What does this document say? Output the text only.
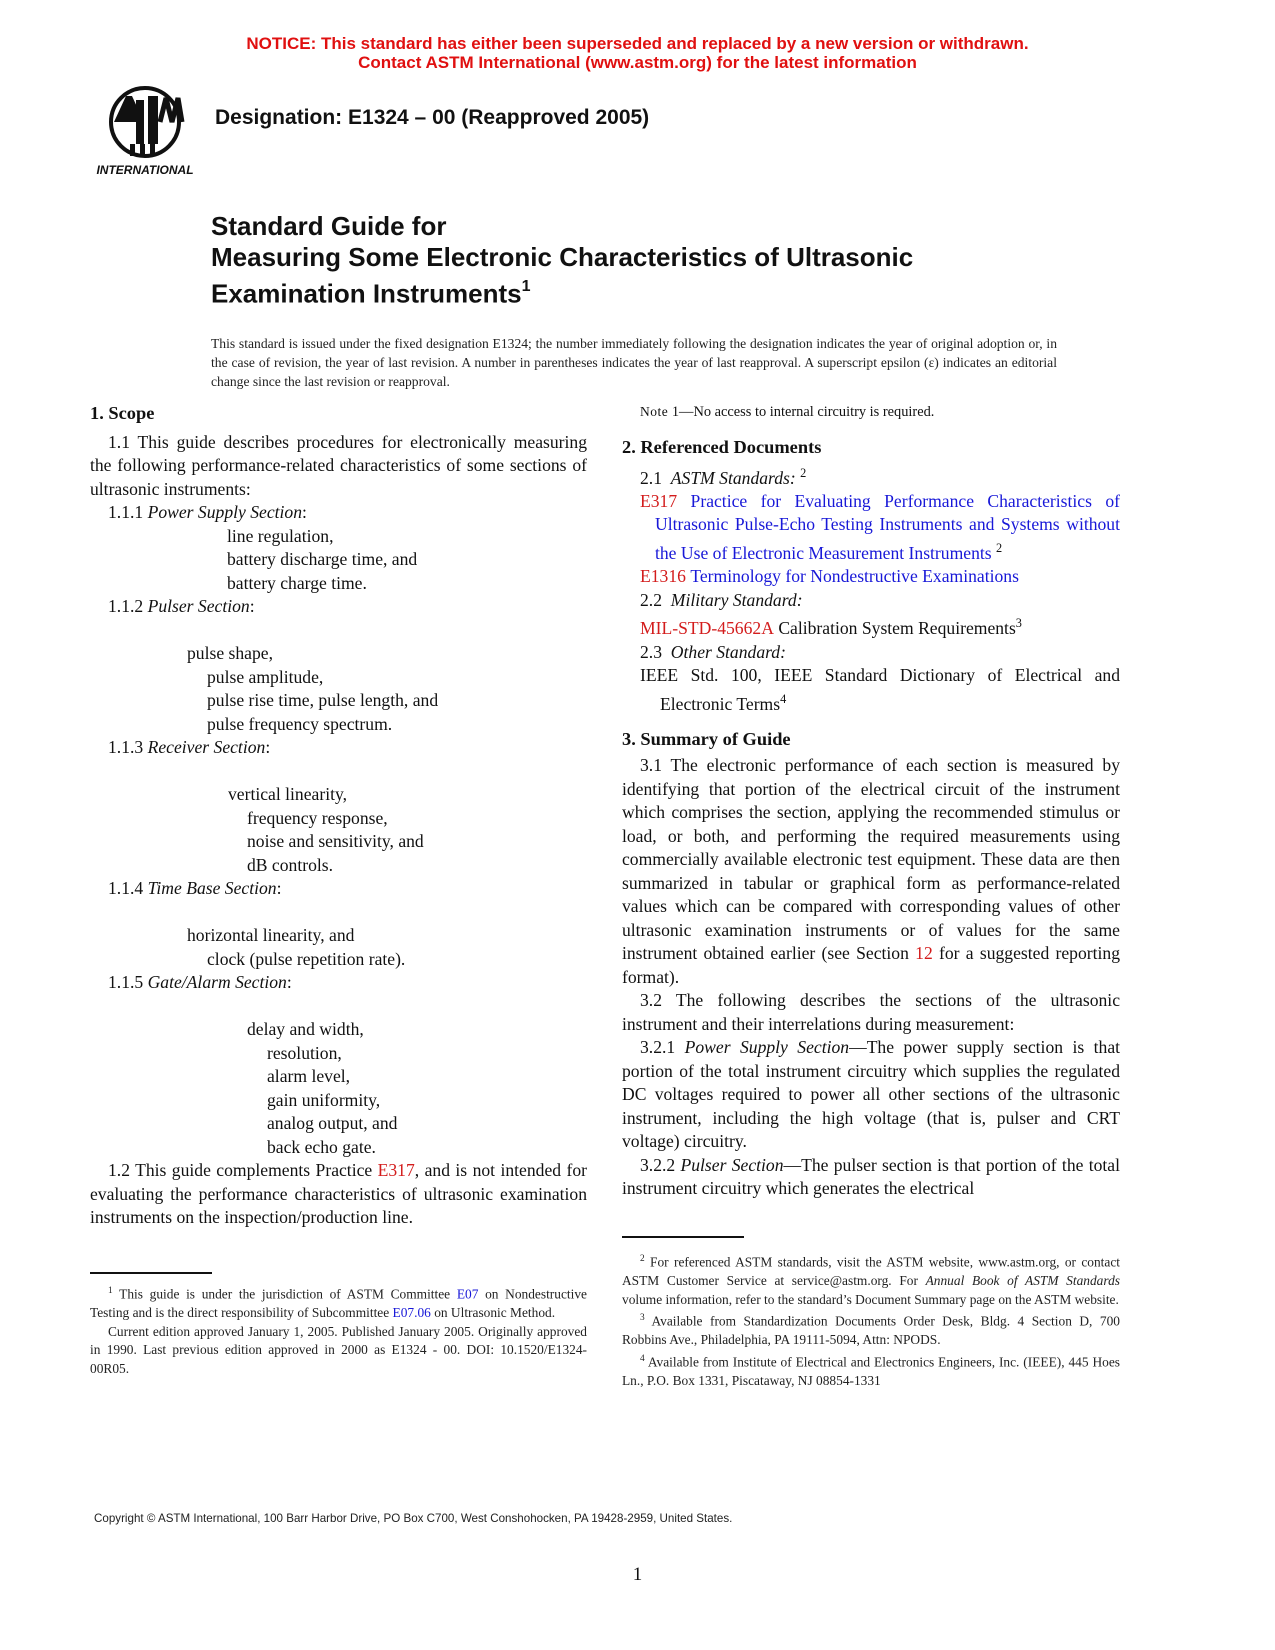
NOTICE: This standard has either been superseded and replaced by a new version or withdrawn.
Contact ASTM International (www.astm.org) for the latest information
INTERNATIONAL
Designation: E1324 – 00 (Reapproved 2005)
Standard Guide for
Measuring Some Electronic Characteristics of Ultrasonic
Examination Instruments$^1$
This standard is issued under the fixed designation E1324; the number immediately following the designation indicates the year of original adoption or, in the case of revision, the year of last revision. A number in parentheses indicates the year of last reapproval. A superscript epsilon (ε) indicates an editorial change since the last revision or reapproval.

1. Scope

1.1 This guide describes procedures for electronically measuring the following performance-related characteristics of some sections of ultrasonic instruments:

1.1.1 Power Supply Section:

line regulation,

battery discharge time, and

battery charge time.

1.1.2 Pulser Section:

pulse shape,

pulse amplitude,

pulse rise time, pulse length, and

pulse frequency spectrum.

1.1.3 Receiver Section:

vertical linearity,

frequency response,

noise and sensitivity, and

dB controls.

1.1.4 Time Base Section:

horizontal linearity, and

clock (pulse repetition rate).

1.1.5 Gate/Alarm Section:

delay and width,

resolution,

alarm level,

gain uniformity,

analog output, and

back echo gate.

1.2 This guide complements Practice E317, and is not intended for evaluating the performance characteristics of ultrasonic examination instruments on the inspection/production line.

$^1$ This guide is under the jurisdiction of ASTM Committee E07 on Nondestructive Testing and is the direct responsibility of Subcommittee E07.06 on Ultrasonic Method.

Current edition approved January 1, 2005. Published January 2005. Originally approved in 1990. Last previous edition approved in 2000 as E1324 - 00. DOI: 10.1520/E1324-00R05.

Note 1—No access to internal circuitry is required.

2. Referenced Documents

2.1 ASTM Standards: $^2$

E317 Practice for Evaluating Performance Characteristics of Ultrasonic Pulse-Echo Testing Instruments and Systems without the Use of Electronic Measurement Instruments $^2$

E1316 Terminology for Nondestructive Examinations

2.2 Military Standard:

MIL-STD-45662A Calibration System Requirements$^3$

2.3 Other Standard:

IEEE Std. 100, IEEE Standard Dictionary of Electrical and Electronic Terms$^4$

3. Summary of Guide

3.1 The electronic performance of each section is measured by identifying that portion of the electrical circuit of the instrument which comprises the section, applying the recommended stimulus or load, or both, and performing the required measurements using commercially available electronic test equipment. These data are then summarized in tabular or graphical form as performance-related values which can be compared with corresponding values of other ultrasonic examination instruments or of values for the same instrument obtained earlier (see Section 12 for a suggested reporting format).

3.2 The following describes the sections of the ultrasonic instrument and their interrelations during measurement:

3.2.1 Power Supply Section—The power supply section is that portion of the total instrument circuitry which supplies the regulated DC voltages required to power all other sections of the ultrasonic instrument, including the high voltage (that is, pulser and CRT voltage) circuitry.

3.2.2 Pulser Section—The pulser section is that portion of the total instrument circuitry which generates the electrical

$^2$ For referenced ASTM standards, visit the ASTM website, www.astm.org, or contact ASTM Customer Service at service@astm.org. For Annual Book of ASTM Standards volume information, refer to the standard’s Document Summary page on the ASTM website.

$^3$ Available from Standardization Documents Order Desk, Bldg. 4 Section D, 700 Robbins Ave., Philadelphia, PA 19111-5094, Attn: NPODS.

$^4$ Available from Institute of Electrical and Electronics Engineers, Inc. (IEEE), 445 Hoes Ln., P.O. Box 1331, Piscataway, NJ 08854-1331

Copyright © ASTM International, 100 Barr Harbor Drive, PO Box C700, West Conshohocken, PA 19428-2959, United States.
1
